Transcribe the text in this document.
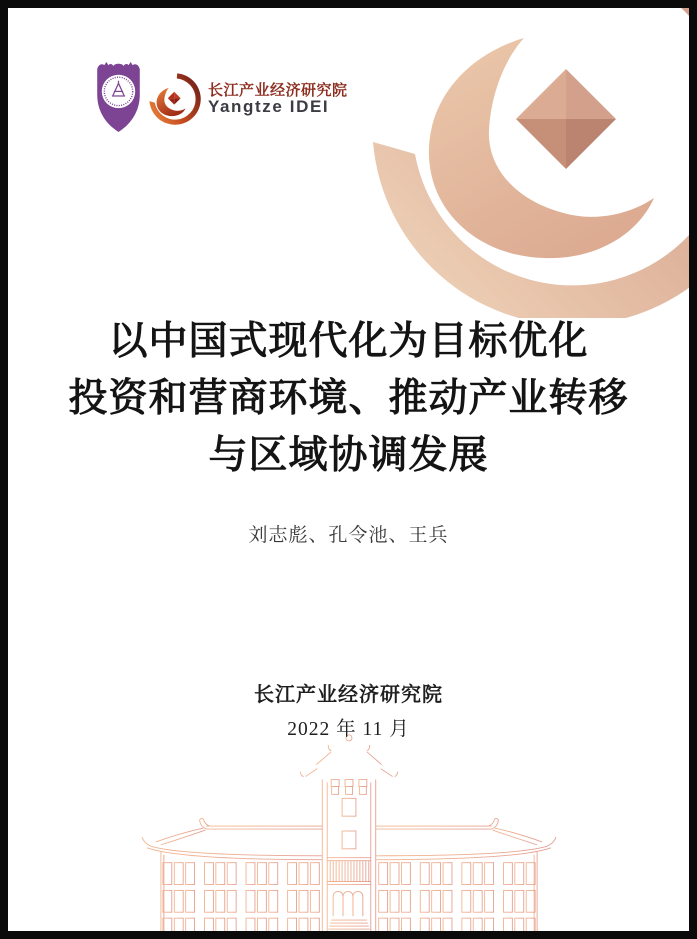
长江产业经济研究院
Yangtze IDEI
以中国式现代化为目标优化
投资和营商环境、推动产业转移
与区域协调发展
刘志彪、孔令池、王兵
长江产业经济研究院
2022 年 11 月
